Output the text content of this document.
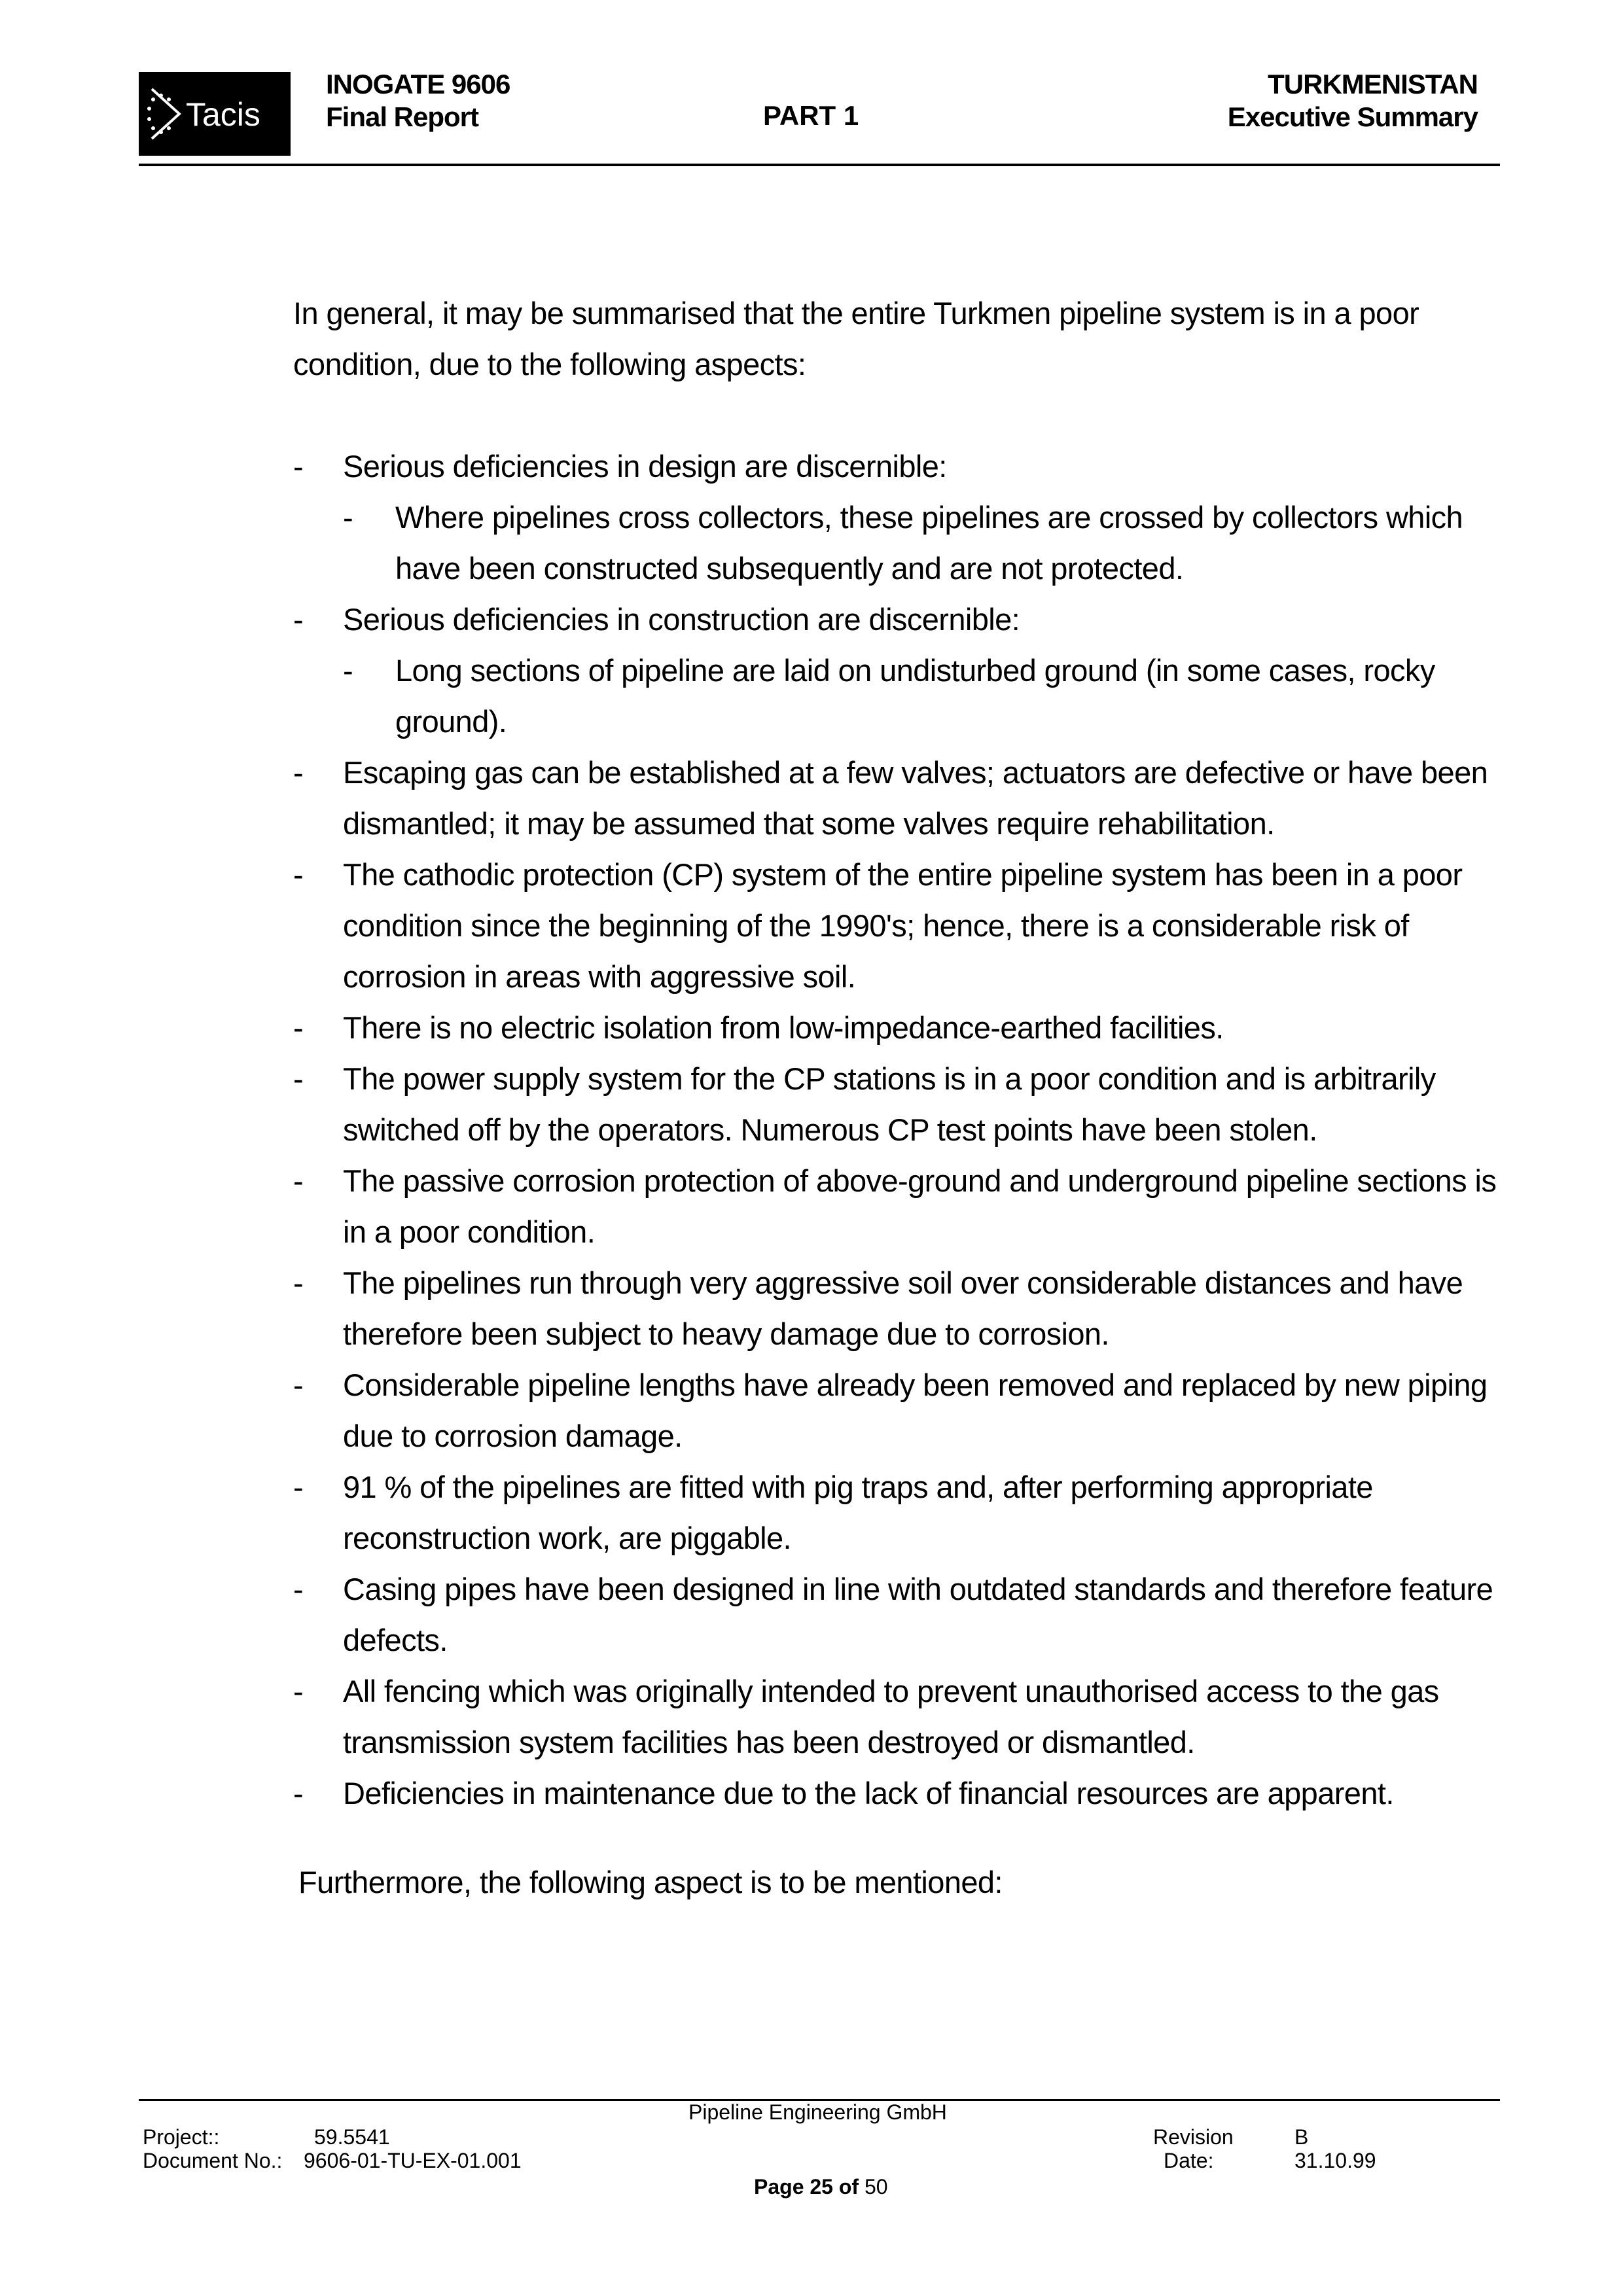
Tacis
INOGATE 9606
Final Report	PART 1
TURKMENISTAN
Executive Summary

In general, it may be summarised that the entire Turkmen pipeline system is in a poor condition, due to the following aspects:

- Serious deficiencies in design are discernible:
- Where pipelines cross collectors, these pipelines are crossed by collectors which have been constructed subsequently and are not protected.
- Serious deficiencies in construction are discernible:
- Long sections of pipeline are laid on undisturbed ground (in some cases, rocky ground).
- Escaping gas can be established at a few valves; actuators are defective or have been dismantled; it may be assumed that some valves require rehabilitation.
- The cathodic protection (CP) system of the entire pipeline system has been in a poor condition since the beginning of the 1990's; hence, there is a considerable risk of corrosion in areas with aggressive soil.
- There is no electric isolation from low-impedance-earthed facilities.
- The power supply system for the CP stations is in a poor condition and is arbitrarily switched off by the operators. Numerous CP test points have been stolen.
- The passive corrosion protection of above-ground and underground pipeline sections is in a poor condition.
- The pipelines run through very aggressive soil over considerable distances and have therefore been subject to heavy damage due to corrosion.
- Considerable pipeline lengths have already been removed and replaced by new piping due to corrosion damage.
- 91 % of the pipelines are fitted with pig traps and, after performing appropriate reconstruction work, are piggable.
- Casing pipes have been designed in line with outdated standards and therefore feature defects.
- All fencing which was originally intended to prevent unauthorised access to the gas transmission system facilities has been destroyed or dismantled.
- Deficiencies in maintenance due to the lack of financial resources are apparent.

Furthermore, the following aspect is to be mentioned:

Pipeline Engineering GmbH
Project::	59.5541
Document No.: 9606-01-TU-EX-01.001
Revision	B
Date:	31.10.99
Page 25 of 50
